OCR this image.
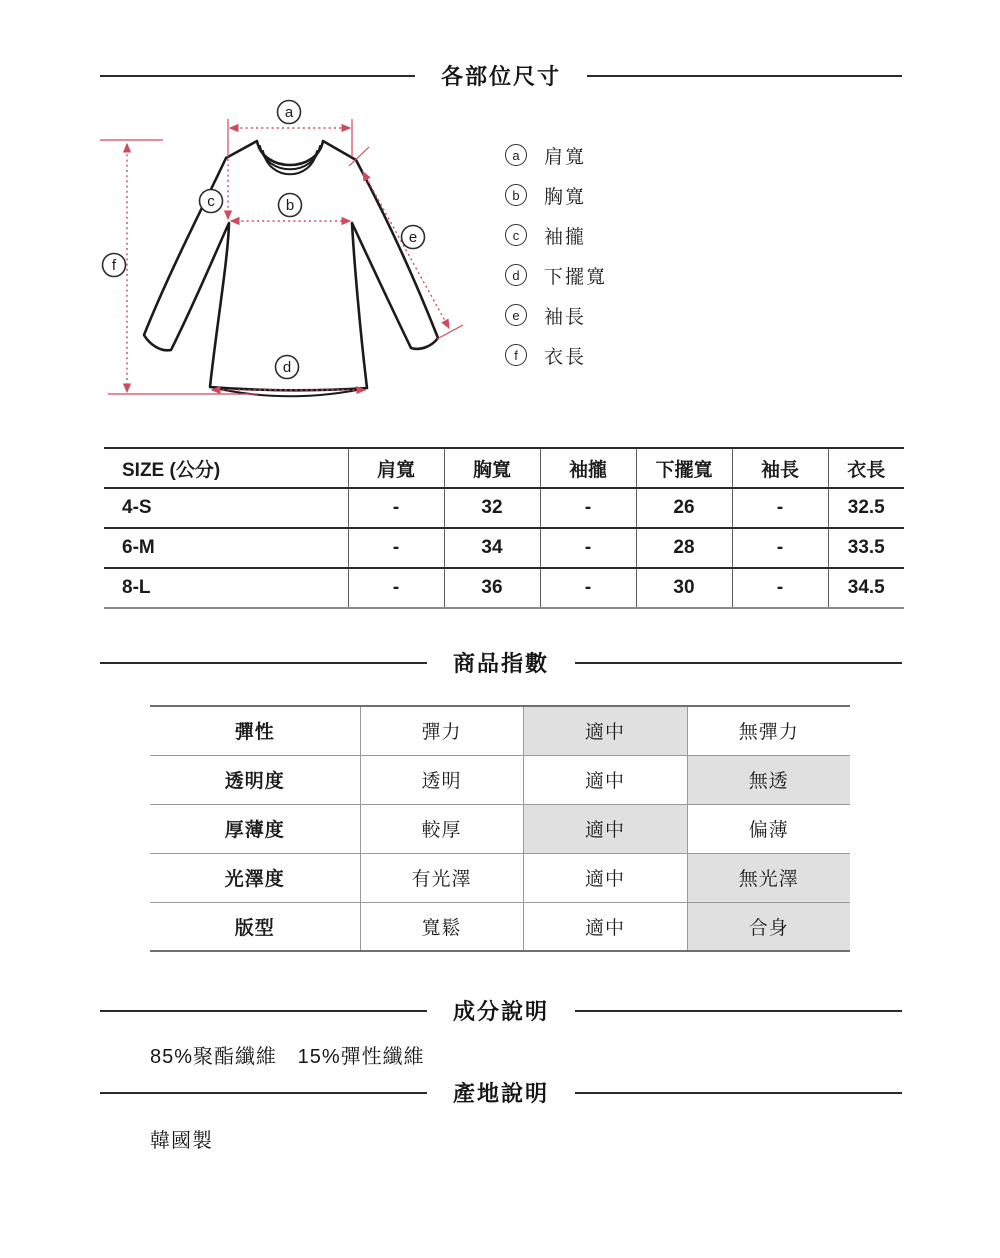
各部位尺寸
a
b
c
d
e
f
a	肩寬
b	胸寬
c	袖攏
d	下擺寬
e	袖長
f	衣長
SIZE (公分)	肩寬	胸寬	袖攏	下擺寬	袖長	衣長
4-S	-	32	-	26	-	32.5
6-M	-	34	-	28	-	33.5
8-L	-	36	-	30	-	34.5
商品指數
彈性	彈力	適中	無彈力
透明度	透明	適中	無透
厚薄度	較厚	適中	偏薄
光澤度	有光澤	適中	無光澤
版型	寬鬆	適中	合身
成分說明

85%聚酯纖維 15%彈性纖維

產地說明

韓國製
